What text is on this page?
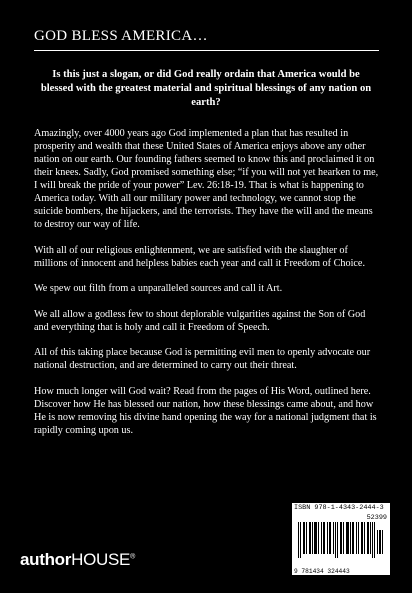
GOD BLESS AMERICA…
Is this just a slogan, or did God really ordain that America would be blessed with the greatest material and spiritual blessings of any nation on earth?

Amazingly, over 4000 years ago God implemented a plan that has resulted in prosperity and wealth that these United States of America enjoys above any other nation on our earth. Our founding fathers seemed to know this and proclaimed it on their knees. Sadly, God promised something else; “if you will not yet hearken to me, I will break the pride of your power” Lev. 26:18-19. That is what is happening to America today. With all our military power and technology, we cannot stop the suicide bombers, the hijackers, and the terrorists. They have the will and the means to destroy our way of life.

With all of our religious enlightenment, we are satisfied with the slaughter of millions of innocent and helpless babies each year and call it Freedom of Choice.

We spew out filth from a unparalleled sources and call it Art.

We all allow a godless few to shout deplorable vulgarities against the Son of God and everything that is holy and call it Freedom of Speech.

All of this taking place because God is permitting evil men to openly advocate our national destruction, and are determined to carry out their threat.

How much longer will God wait? Read from the pages of His Word, outlined here. Discover how He has blessed our nation, how these blessings came about, and how He is now removing his divine hand opening the way for a national judgment that is rapidly coming upon us.

ISBN 978-1-4343-2444-3
52399
9 781434 324443
authorHOUSE®
